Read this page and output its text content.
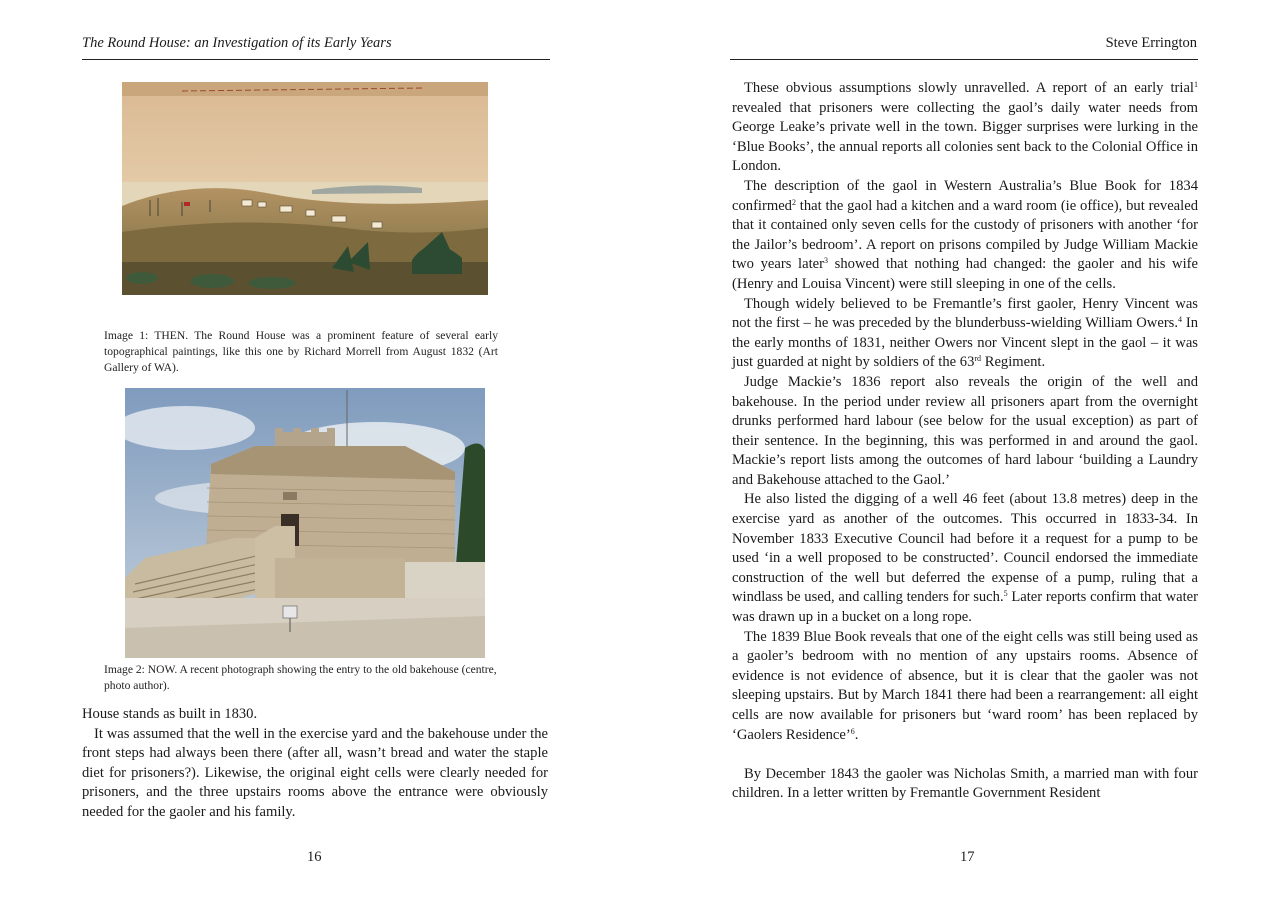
The Round House: an Investigation of its Early Years
Image 1: THEN. The Round House was a prominent feature of several early topographical paintings, like this one by Richard Morrell from August 1832 (Art Gallery of WA).
Image 2: NOW. A recent photograph showing the entry to the old bakehouse (centre, photo author).

House stands as built in 1830.

It was assumed that the well in the exercise yard and the bakehouse under the front steps had always been there (after all, wasn’t bread and water the staple diet for prisoners?). Likewise, the original eight cells were clearly needed for prisoners, and the three upstairs rooms above the entrance were obviously needed for the gaoler and his family.

16
Steve Errington

These obvious assumptions slowly unravelled. A report of an early trial$^1$ revealed that prisoners were collecting the gaol’s daily water needs from George Leake’s private well in the town. Bigger surprises were lurking in the ‘Blue Books’, the annual reports all colonies sent back to the Colonial Office in London.

The description of the gaol in Western Australia’s Blue Book for 1834 confirmed$^2$ that the gaol had a kitchen and a ward room (ie office), but revealed that it contained only seven cells for the custody of prisoners with another ‘for the Jailor’s bedroom’. A report on prisons compiled by Judge William Mackie two years later$^3$ showed that nothing had changed: the gaoler and his wife (Henry and Louisa Vincent) were still sleeping in one of the cells.

Though widely believed to be Fremantle’s first gaoler, Henry Vincent was not the first – he was preceded by the blunderbuss-wielding William Owers.$^4$ In the early months of 1831, neither Owers nor Vincent slept in the gaol – it was just guarded at night by soldiers of the 63rd Regiment.

Judge Mackie’s 1836 report also reveals the origin of the well and bakehouse. In the period under review all prisoners apart from the overnight drunks performed hard labour (see below for the usual exception) as part of their sentence. In the beginning, this was performed in and around the gaol. Mackie’s report lists among the outcomes of hard labour ‘building a Laundry and Bakehouse attached to the Gaol.’

He also listed the digging of a well 46 feet (about 13.8 metres) deep in the exercise yard as another of the outcomes. This occurred in 1833-34. In November 1833 Executive Council had before it a request for a pump to be used ‘in a well proposed to be constructed’. Council endorsed the immediate construction of the well but deferred the expense of a pump, ruling that a windlass be used, and calling tenders for such.$^5$ Later reports confirm that water was drawn up in a bucket on a long rope.

The 1839 Blue Book reveals that one of the eight cells was still being used as a gaoler’s bedroom with no mention of any upstairs rooms. Absence of evidence is not evidence of absence, but it is clear that the gaoler was not sleeping upstairs. But by March 1841 there had been a rearrangement: all eight cells are now available for prisoners but ‘ward room’ has been replaced by ‘Gaolers Residence’$^6$.

By December 1843 the gaoler was Nicholas Smith, a married man with four children. In a letter written by Fremantle Government Resident

17
